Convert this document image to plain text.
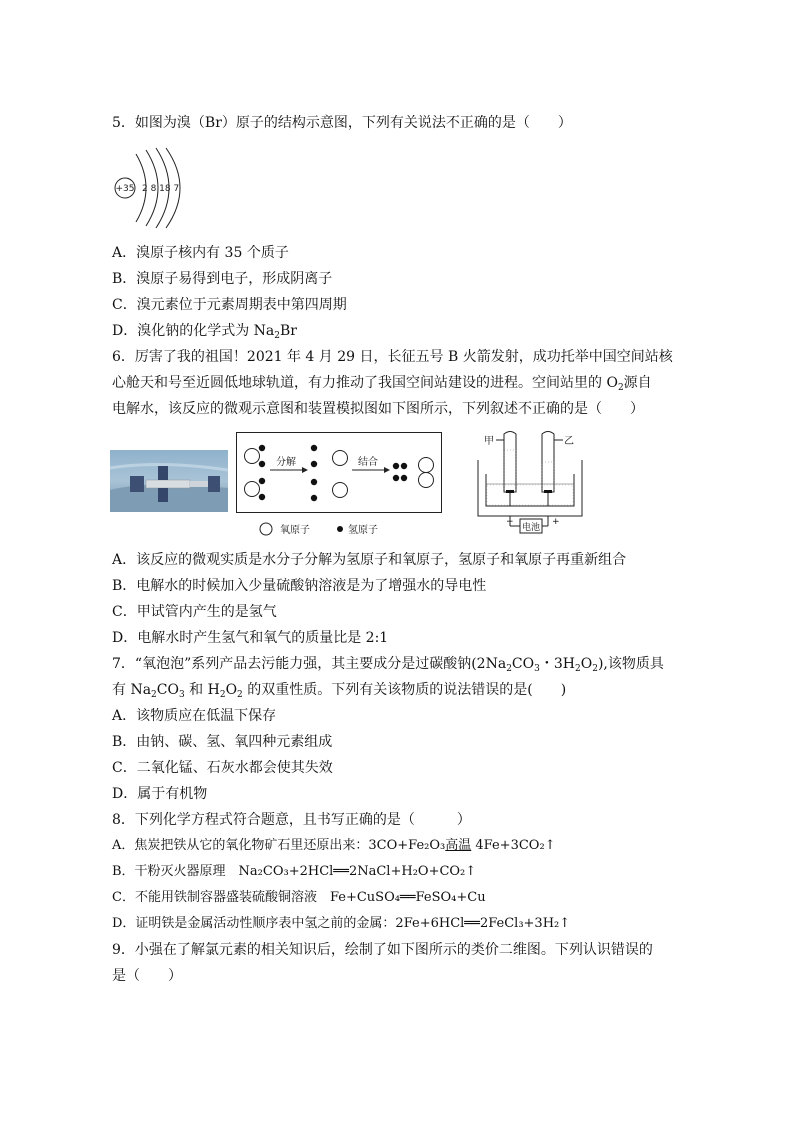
5．如图为溴（Br）原子的结构示意图，下列有关说法不正确的是（　　）
+35 2 8 18 7
A．溴原子核内有 35 个质子
B．溴原子易得到电子，形成阴离子
C．溴元素位于元素周期表中第四周期
D．溴化钠的化学式为 $Na_2Br$
6．厉害了我的祖国！2021 年 4 月 29 日，长征五号 B 火箭发射，成功托举中国空间站核
心舱天和号至近圆低地球轨道，有力推动了我国空间站建设的进程。空间站里的 $O_2$源自
电解水，该反应的微观示意图和装置模拟图如下图所示，下列叙述不正确的是（　　）
分解	结合
氧原子	氢原子
甲	乙
电池
−	+
A．该反应的微观实质是水分子分解为氢原子和氧原子，氢原子和氧原子再重新组合
B．电解水的时候加入少量硫酸钠溶液是为了增强水的导电性
C．甲试管内产生的是氢气
D．电解水时产生氢气和氧气的质量比是 2:1
7．“氧泡泡”系列产品去污能力强，其主要成分是过碳酸钠($2Na_2CO_3$・$3H_2O_2$),该物质具
有 $Na_2CO_3$ 和 $H_2O_2$ 的双重性质。下列有关该物质的说法错误的是(　　)
A．该物质应在低温下保存
B．由钠、碳、氢、氧四种元素组成
C．二氧化锰、石灰水都会使其失效
D．属于有机物
8．下列化学方程式符合题意，且书写正确的是（　　　）
A．焦炭把铁从它的氧化物矿石里还原出来：3CO+Fe₂O₃高温 4Fe+3CO₂↑
B．干粉灭火器原理　Na₂CO₃+2HCl══2NaCl+H₂O+CO₂↑
C．不能用铁制容器盛装硫酸铜溶液　Fe+CuSO₄══FeSO₄+Cu
D．证明铁是金属活动性顺序表中氢之前的金属：2Fe+6HCl══2FeCl₃+3H₂↑
9．小强在了解氯元素的相关知识后，绘制了如下图所示的类价二维图。下列认识错误的
是（　　）
